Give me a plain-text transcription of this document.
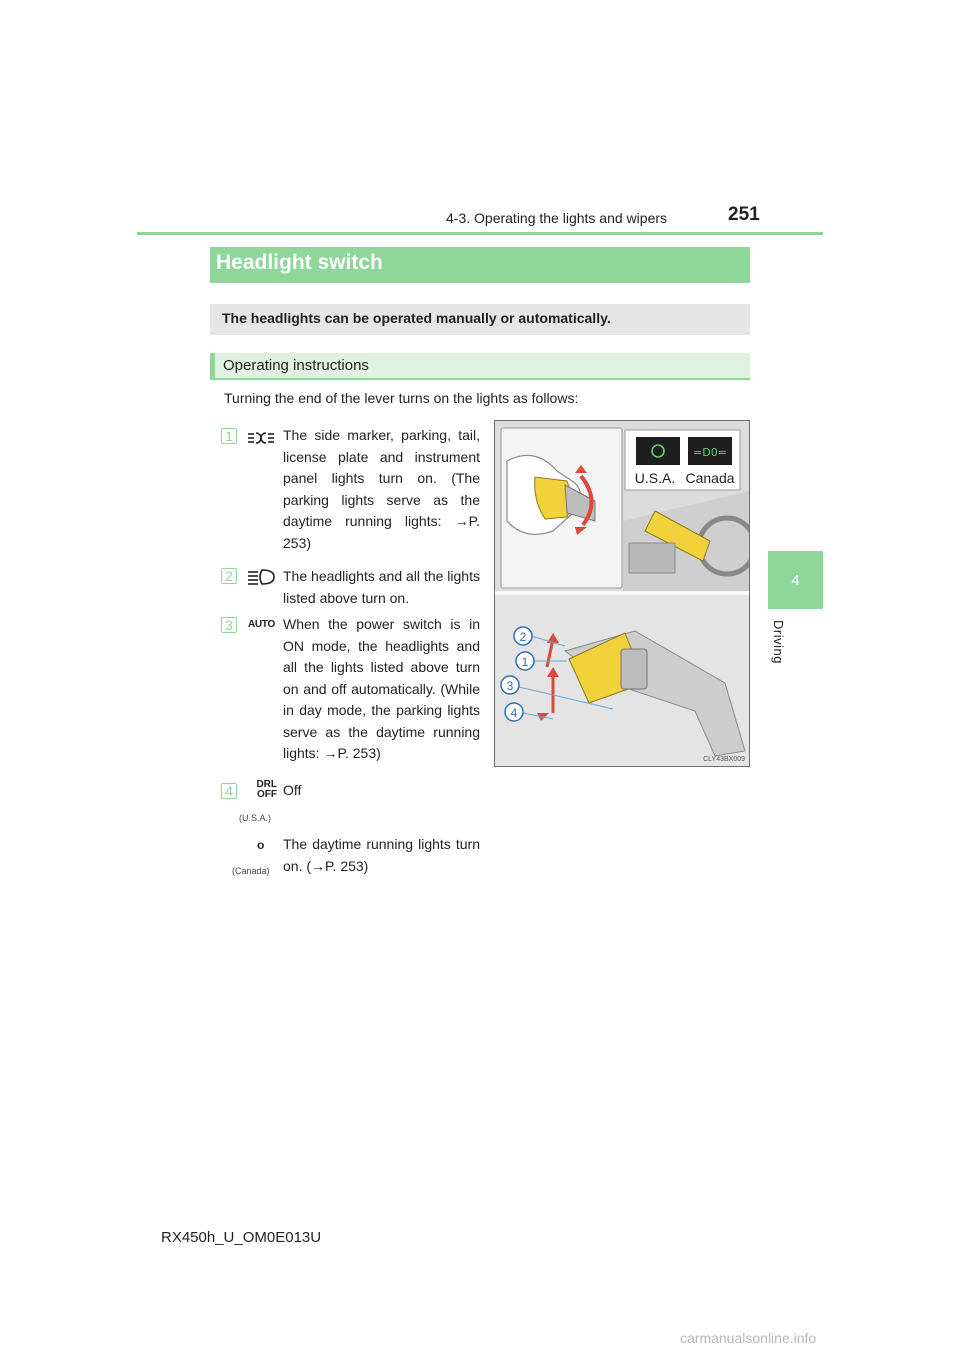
4-3. Operating the lights and wipers	251
4
Driving
Headlight switch
The headlights can be operated manually or automatically.
Operating instructions
Turning the end of the lever turns on the lights as follows:
1	The side marker, parking, tail, license plate and instrument panel lights turn on. (The parking lights serve as the daytime running lights: →P. 253)
2	The headlights and all the lights listed above turn on.
3	AUTO When the power switch is in ON mode, the headlights and all the lights listed above turn on and off automatically. (While in day mode, the parking lights serve as the daytime running lights: →P. 253)
4	DRL OFF
(U.S.A.)
Off
o
(Canada)
The daytime running lights turn on. (→P. 253)
=D0=
U.S.A. Canada
2
1
3
4
CLY43BX009
RX450h_U_OM0E013U
carmanualsonline.info
